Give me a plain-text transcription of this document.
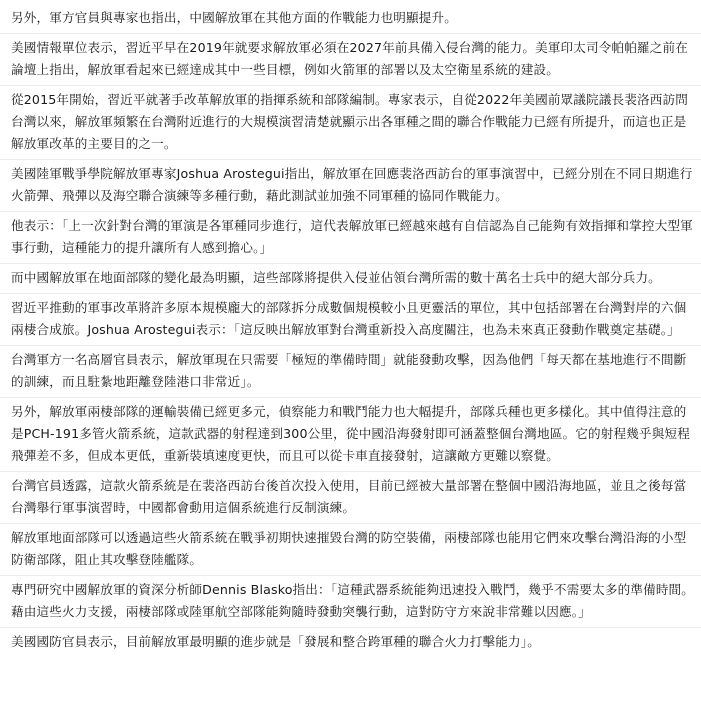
另外，軍方官員與專家也指出，中國解放軍在其他方面的作戰能力也明顯提升。

美國情報單位表示，習近平早在2019年就要求解放軍必須在2027年前具備入侵台灣的能力。美軍印太司令帕帕羅之前在論壇上指出，解放軍看起來已經達成其中一些目標，例如火箭軍的部署以及太空衛星系統的建設。

從2015年開始，習近平就著手改革解放軍的指揮系統和部隊編制。專家表示，自從2022年美國前眾議院議長裴洛西訪問台灣以來，解放軍頻繁在台灣附近進行的大規模演習清楚就顯示出各軍種之間的聯合作戰能力已經有所提升，而這也正是解放軍改革的主要目的之一。

美國陸軍戰爭學院解放軍專家Joshua Arostegui指出，解放軍在回應裴洛西訪台的軍事演習中，已經分別在不同日期進行火箭彈、飛彈以及海空聯合演練等多種行動，藉此測試並加強不同軍種的協同作戰能力。

他表示：「上一次針對台灣的軍演是各軍種同步進行，這代表解放軍已經越來越有自信認為自己能夠有效指揮和掌控大型軍事行動，這種能力的提升讓所有人感到擔心。」

而中國解放軍在地面部隊的變化最為明顯，這些部隊將提供入侵並佔領台灣所需的數十萬名士兵中的絕大部分兵力。

習近平推動的軍事改革將許多原本規模龐大的部隊拆分成數個規模較小且更靈活的單位，其中包括部署在台灣對岸的六個兩棲合成旅。Joshua Arostegui表示：「這反映出解放軍對台灣重新投入高度關注，也為未來真正發動作戰奠定基礎。」

台灣軍方一名高層官員表示，解放軍現在只需要「極短的準備時間」就能發動攻擊，因為他們「每天都在基地進行不間斷的訓練，而且駐紮地距離登陸港口非常近」。

另外，解放軍兩棲部隊的運輸裝備已經更多元，偵察能力和戰鬥能力也大幅提升，部隊兵種也更多樣化。其中值得注意的是PCH-191多管火箭系統，這款武器的射程達到300公里，從中國沿海發射即可涵蓋整個台灣地區。它的射程幾乎與短程飛彈差不多，但成本更低，重新裝填速度更快，而且可以從卡車直接發射，這讓敵方更難以察覺。

台灣官員透露，這款火箭系統是在裴洛西訪台後首次投入使用，目前已經被大量部署在整個中國沿海地區，並且之後每當台灣舉行軍事演習時，中國都會動用這個系統進行反制演練。

解放軍地面部隊可以透過這些火箭系統在戰爭初期快速摧毀台灣的防空裝備，兩棲部隊也能用它們來攻擊台灣沿海的小型防衛部隊，阻止其攻擊登陸艦隊。

專門研究中國解放軍的資深分析師Dennis Blasko指出：「這種武器系統能夠迅速投入戰鬥，幾乎不需要太多的準備時間。藉由這些火力支援，兩棲部隊或陸軍航空部隊能夠隨時發動突襲行動，這對防守方來說非常難以因應。」

美國國防官員表示，目前解放軍最明顯的進步就是「發展和整合跨軍種的聯合火力打擊能力」。
